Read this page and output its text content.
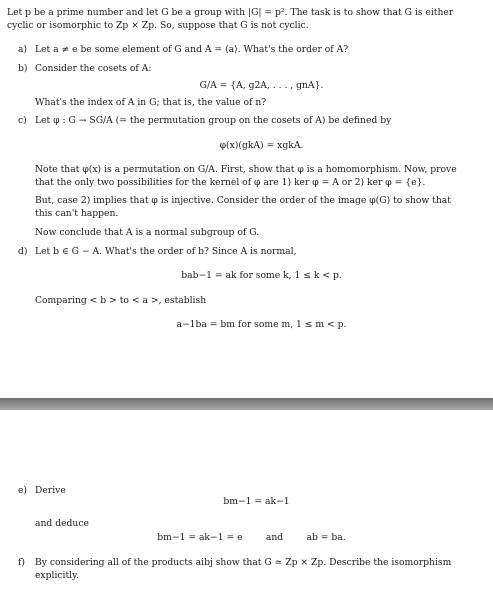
Let p be a prime number and let G be a group with |G| = p². The task is to show that G is either
cyclic or isomorphic to Zp × Zp. So, suppose that G is not cyclic.
a) Let a ≠ e be some element of G and A = ⟨a⟩. What's the order of A?
b) Consider the cosets of A:
G/A = {A, g2A, . . . , gnA}.
What's the index of A in G; that is, the value of n?
c) Let φ : G → SG/A (= the permutation group on the cosets of A) be defined by
φ(x)(gkA) = xgkA.
Note that φ(x) is a permutation on G/A. First, show that φ is a homomorphism. Now, prove
that the only two possibilities for the kernel of φ are 1) ker φ = A or 2) ker φ = {e}.
But, case 2) implies that φ is injective. Consider the order of the image φ(G) to show that
this can't happen.
Now conclude that A is a normal subgroup of G.
d) Let b ∈ G − A. What's the order of b? Since A is normal,
bab−1 = ak for some k, 1 ≤ k < p.
Comparing < b > to < a >, establish
a−1ba = bm for some m, 1 ≤ m < p.
e) Derive
bm−1 = ak−1
and deduce
bm−1 = ak−1 = e        and        ab = ba.
f) By considering all of the products aibj show that G ≃ Zp × Zp. Describe the isomorphism
explicitly.
